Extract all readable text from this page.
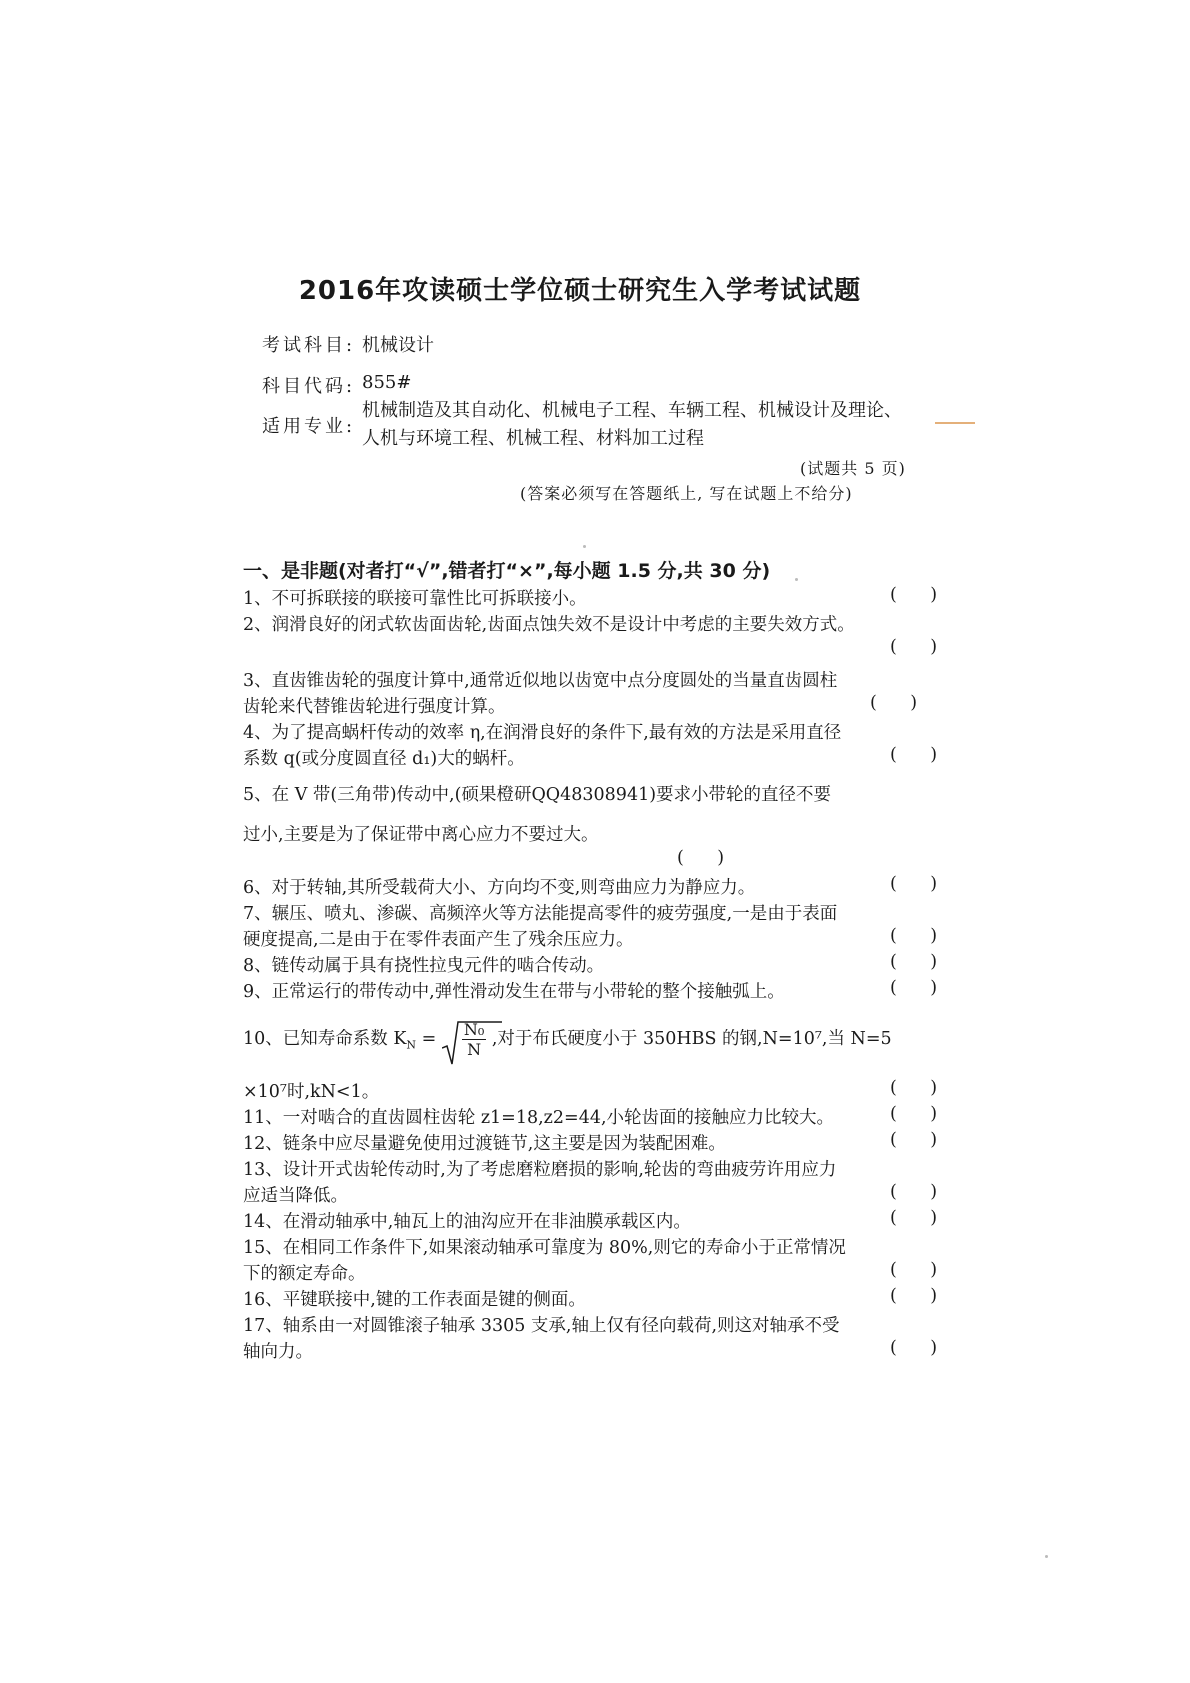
2016年攻读硕士学位硕士研究生入学考试试题
考试科目: 机械设计
科目代码: 855#
适用专业:
机械制造及其自动化、机械电子工程、车辆工程、机械设计及理论、
人机与环境工程、机械工程、材料加工过程
(试题共 5 页)
(答案必须写在答题纸上, 写在试题上不给分)
一、是非题(对者打“√”,错者打“×”,每小题 1.5 分,共 30 分)
1、不可拆联接的联接可靠性比可拆联接小。	(      )
2、润滑良好的闭式软齿面齿轮,齿面点蚀失效不是设计中考虑的主要失效方式。
(      )
3、直齿锥齿轮的强度计算中,通常近似地以齿宽中点分度圆处的当量直齿圆柱
齿轮来代替锥齿轮进行强度计算。	(      )
4、为了提高蜗杆传动的效率 η,在润滑良好的条件下,最有效的方法是采用直径
系数 q(或分度圆直径 d₁)大的蜗杆。	(      )
5、在 V 带(三角带)传动中,(硕果橙研QQ48308941)要求小带轮的直径不要
过小,主要是为了保证带中离心应力不要过大。
(      )
6、对于转轴,其所受载荷大小、方向均不变,则弯曲应力为静应力。	(      )
7、辗压、喷丸、渗碳、高频淬火等方法能提高零件的疲劳强度,一是由于表面
硬度提高,二是由于在零件表面产生了残余压应力。	(      )
8、链传动属于具有挠性拉曳元件的啮合传动。	(      )
9、正常运行的带传动中,弹性滑动发生在带与小带轮的整个接触弧上。	(      )
10、已知寿命系数 $K_N = \frac{\text{N₀}}{N}$ ,对于布氏硬度小于 350HBS 的钢,N=10⁷,当 N=5
×10⁷时,kN<1。	(      )
11、一对啮合的直齿圆柱齿轮 z1=18,z2=44,小轮齿面的接触应力比较大。	(      )
12、链条中应尽量避免使用过渡链节,这主要是因为装配困难。	(      )
13、设计开式齿轮传动时,为了考虑磨粒磨损的影响,轮齿的弯曲疲劳许用应力
应适当降低。	(      )
14、在滑动轴承中,轴瓦上的油沟应开在非油膜承载区内。	(      )
15、在相同工作条件下,如果滚动轴承可靠度为 80%,则它的寿命小于正常情况
下的额定寿命。	(      )
16、平键联接中,键的工作表面是键的侧面。	(      )
17、轴系由一对圆锥滚子轴承 3305 支承,轴上仅有径向载荷,则这对轴承不受
轴向力。	(      )
